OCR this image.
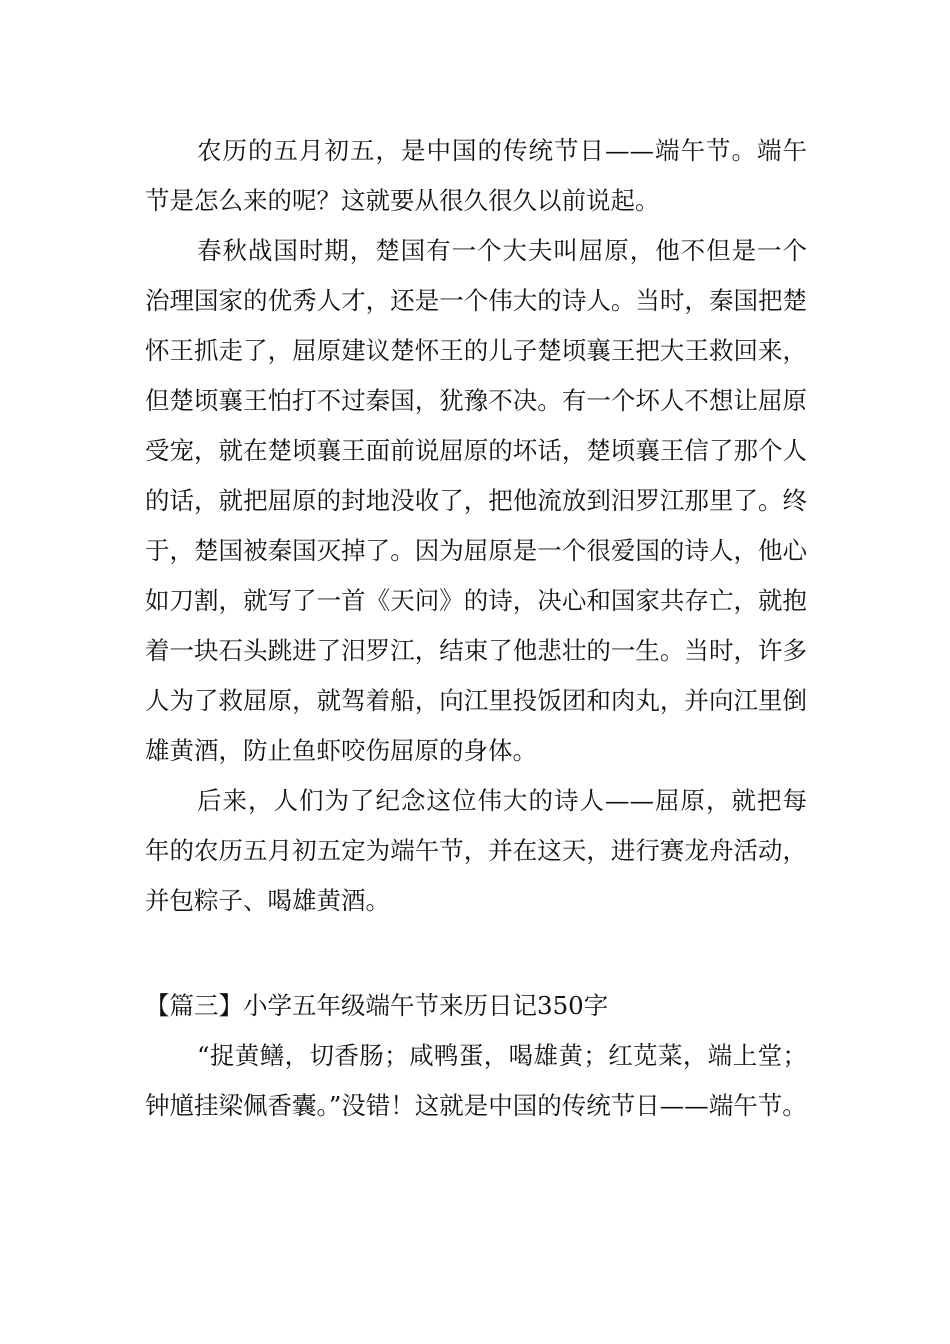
农历的五月初五，是中国的传统节日——端午节。端午节是怎么来的呢？这就要从很久很久以前说起。

春秋战国时期，楚国有一个大夫叫屈原，他不但是一个治理国家的优秀人才，还是一个伟大的诗人。当时，秦国把楚怀王抓走了，屈原建议楚怀王的儿子楚顷襄王把大王救回来，但楚顷襄王怕打不过秦国，犹豫不决。有一个坏人不想让屈原受宠，就在楚顷襄王面前说屈原的坏话，楚顷襄王信了那个人的话，就把屈原的封地没收了，把他流放到汨罗江那里了。终于，楚国被秦国灭掉了。因为屈原是一个很爱国的诗人，他心如刀割，就写了一首《天问》的诗，决心和国家共存亡，就抱着一块石头跳进了汨罗江，结束了他悲壮的一生。当时，许多人为了救屈原，就驾着船，向江里投饭团和肉丸，并向江里倒雄黄酒，防止鱼虾咬伤屈原的身体。

后来，人们为了纪念这位伟大的诗人——屈原，就把每年的农历五月初五定为端午节，并在这天，进行赛龙舟活动，并包粽子、喝雄黄酒。

【篇三】小学五年级端午节来历日记350字

“捉黄鳝，切香肠；咸鸭蛋，喝雄黄；红苋菜，端上堂；钟馗挂梁佩香囊。”没错！这就是中国的传统节日——端午节。
